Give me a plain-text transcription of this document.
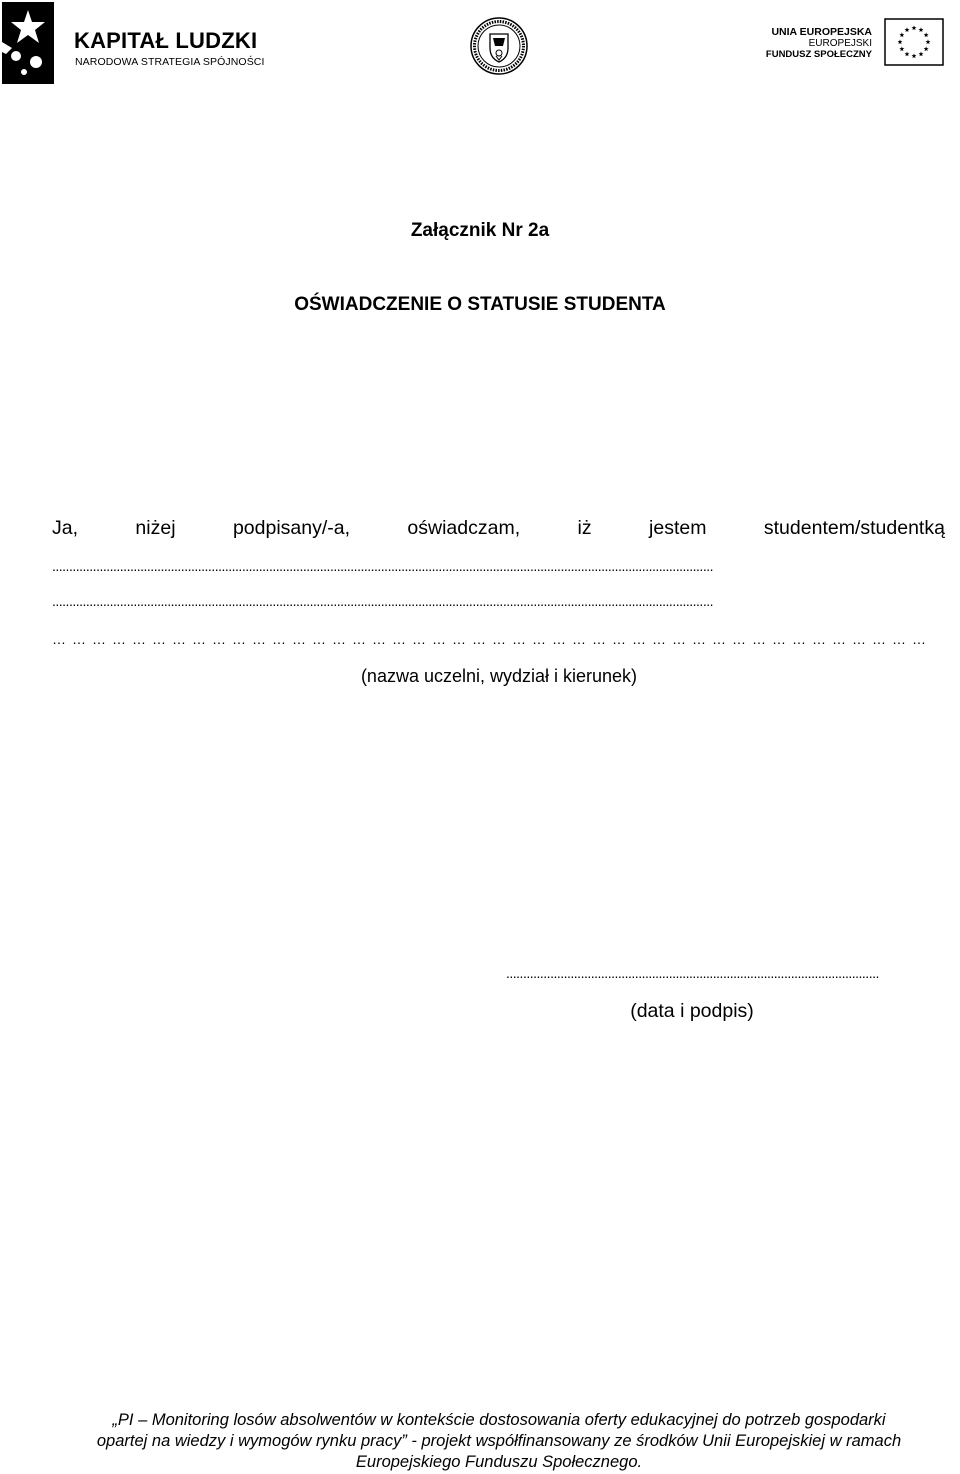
KAPITAŁ LUDZKI
NARODOWA STRATEGIA SPÓJNOŚCI
UNIA EUROPEJSKA
EUROPEJSKI
FUNDUSZ SPOŁECZNY
Załącznik Nr 2a
OŚWIADCZENIE O STATUSIE STUDENTA
Ja,	niżej	podpisany/-a,	oświadczam,	iż	jestem	studentem/studentką
...................................................................................................................................................................................................
...................................................................................................................................................................................................
……………………………………………………………………………………………………………………
(nazwa uczelni, wydział i kierunek)
..............................................................................................................
(data i podpis)
„PI – Monitoring losów absolwentów w kontekście dostosowania oferty edukacyjnej do potrzeb gospodarki
opartej na wiedzy i wymogów rynku pracy” - projekt współfinansowany ze środków Unii Europejskiej w ramach
Europejskiego Funduszu Społecznego.
